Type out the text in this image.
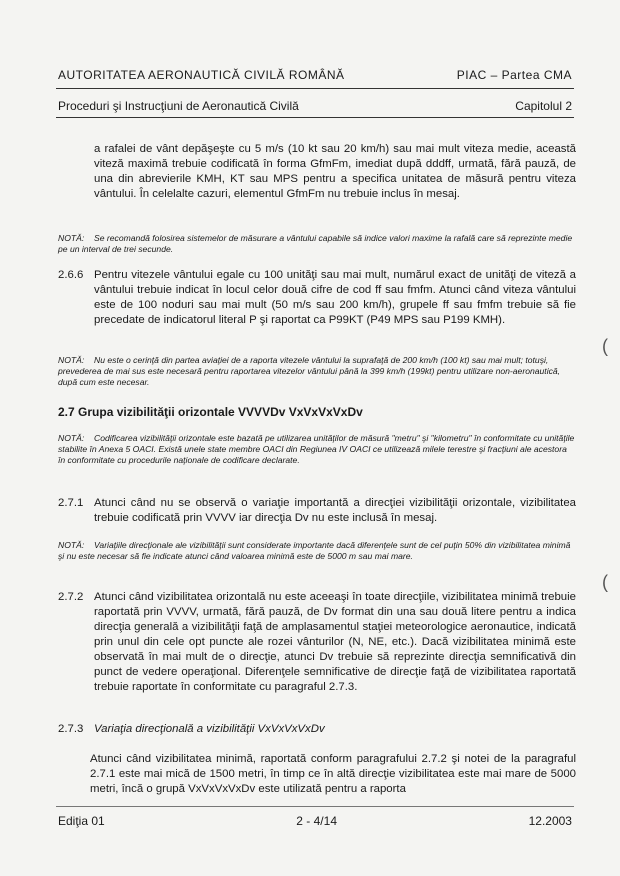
AUTORITATEA AERONAUTICĂ CIVILĂ ROMÂNĂ	PIAC – Partea CMA
Proceduri şi Instrucţiuni de Aeronautică Civilă	Capitolul 2
a rafalei de vânt depăşeşte cu 5 m/s (10 kt sau 20 km/h) sau mai mult viteza medie, această viteză maximă trebuie codificată în forma GfmFm, imediat după dddff, urmată, fără pauză, de una din abrevierile KMH, KT sau MPS pentru a specifica unitatea de măsură pentru viteza vântului. În celelalte cazuri, elementul GfmFm nu trebuie inclus în mesaj.
NOTĂ: Se recomandă folosirea sistemelor de măsurare a vântului capabile să indice valori maxime la rafală care să reprezinte medie pe un interval de trei secunde.
2.6.6 Pentru vitezele vântului egale cu 100 unităţi sau mai mult, numărul exact de unităţi de viteză a vântului trebuie indicat în locul celor două cifre de cod ff sau fmfm. Atunci când viteza vântului este de 100 noduri sau mai mult (50 m/s sau 200 km/h), grupele ff sau fmfm trebuie să fie precedate de indicatorul literal P şi raportat ca P99KT (P49 MPS sau P199 KMH).
NOTĂ: Nu este o cerinţă din partea aviaţiei de a raporta vitezele vântului la suprafaţă de 200 km/h (100 kt) sau mai mult; totuşi, prevederea de mai sus este necesară pentru raportarea vitezelor vântului până la 399 km/h (199kt) pentru utilizare non-aeronautică, după cum este necesar.
2.7 Grupa vizibilităţii orizontale VVVVDv VxVxVxVxDv
NOTĂ: Codificarea vizibilităţii orizontale este bazată pe utilizarea unităţilor de măsură "metru" şi "kilometru" în conformitate cu unităţile stabilite în Anexa 5 OACI. Există unele state membre OACI din Regiunea IV OACI ce utilizează milele terestre şi fracţiuni ale acestora în conformitate cu procedurile naţionale de codificare declarate.
2.7.1 Atunci când nu se observă o variaţie importantă a direcţiei vizibilităţii orizontale, vizibilitatea trebuie codificată prin VVVV iar direcţia Dv nu este inclusă în mesaj.
NOTĂ: Variaţiile direcţionale ale vizibilităţii sunt considerate importante dacă diferenţele sunt de cel puţin 50% din vizibilitatea minimă şi nu este necesar să fie indicate atunci când valoarea minimă este de 5000 m sau mai mare.
2.7.2 Atunci când vizibilitatea orizontală nu este aceeaşi în toate direcţiile, vizibilitatea minimă trebuie raportată prin VVVV, urmată, fără pauză, de Dv format din una sau două litere pentru a indica direcţia generală a vizibilităţii faţă de amplasamentul staţiei meteorologice aeronautice, indicată prin unul din cele opt puncte ale rozei vânturilor (N, NE, etc.). Dacă vizibilitatea minimă este observată în mai mult de o direcţie, atunci Dv trebuie să reprezinte direcţia semnificativă din punct de vedere operaţional. Diferenţele semnificative de direcţie faţă de vizibilitatea raportată trebuie raportate în conformitate cu paragraful 2.7.3.
2.7.3 Variaţia direcţională a vizibilităţii VxVxVxVxDv
Atunci când vizibilitatea minimă, raportată conform paragrafului 2.7.2 şi notei de la paragraful 2.7.1 este mai mică de 1500 metri, în timp ce în altă direcţie vizibilitatea este mai mare de 5000 metri, încă o grupă VxVxVxVxDv este utilizată pentru a raporta
Ediţia 01	2 - 4/14	12.2003
(
(
